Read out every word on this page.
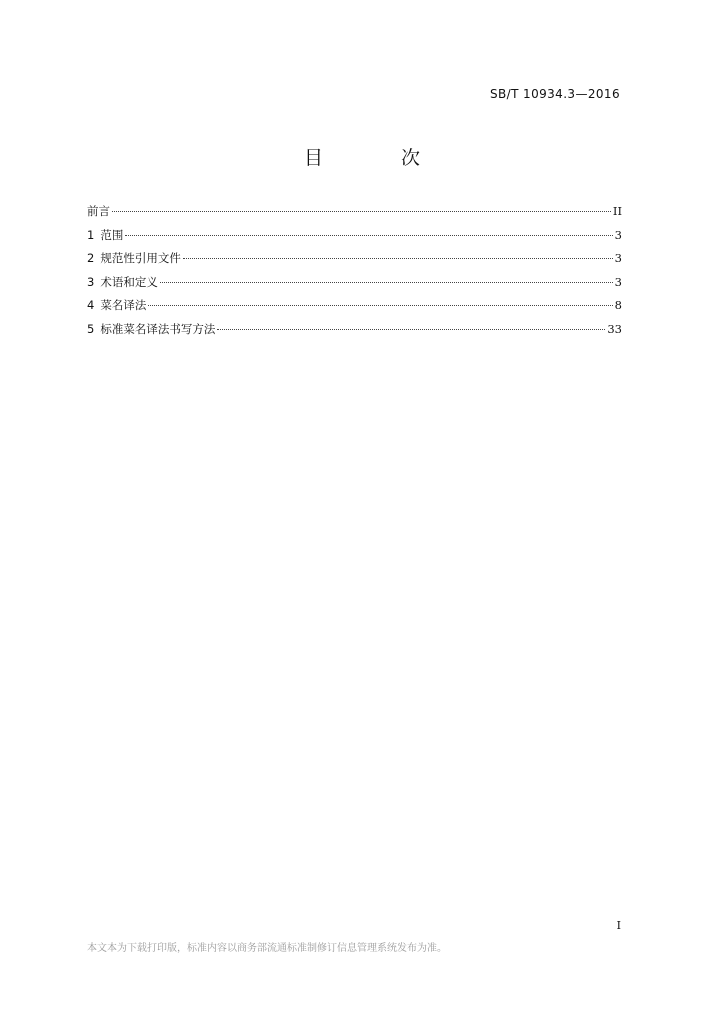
SB/T 10934.3—2016
目 次
前言	II
1 范围	3
2 规范性引用文件	3
3 术语和定义	3
4 菜名译法	8
5 标准菜名译法书写方法	33
I
本文本为下载打印版，标准内容以商务部流通标准制修订信息管理系统发布为准。
